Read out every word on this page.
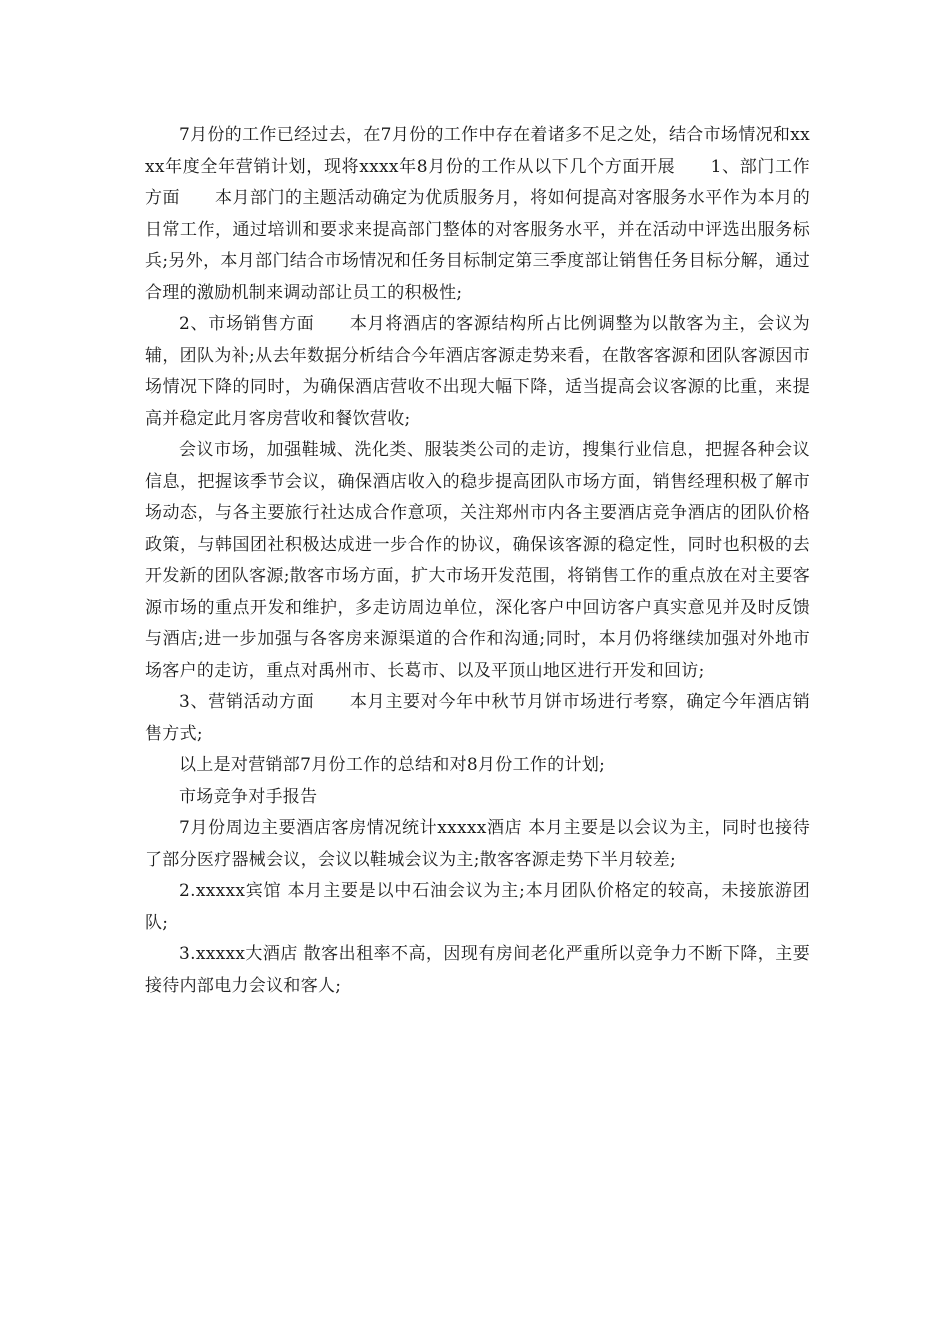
7月份的工作已经过去，在7月份的工作中存在着诸多不足之处，结合市场情况和xxxx年度全年营销计划，现将xxxx年8月份的工作从以下几个方面开展　　1、部门工作方面　　本月部门的主题活动确定为优质服务月，将如何提高对客服务水平作为本月的日常工作，通过培训和要求来提高部门整体的对客服务水平，并在活动中评选出服务标兵;另外，本月部门结合市场情况和任务目标制定第三季度部让销售任务目标分解，通过合理的激励机制来调动部让员工的积极性;

2、市场销售方面　　本月将酒店的客源结构所占比例调整为以散客为主，会议为辅，团队为补;从去年数据分析结合今年酒店客源走势来看，在散客客源和团队客源因市场情况下降的同时，为确保酒店营收不出现大幅下降，适当提高会议客源的比重，来提高并稳定此月客房营收和餐饮营收;

会议市场，加强鞋城、洗化类、服装类公司的走访，搜集行业信息，把握各种会议信息，把握该季节会议，确保酒店收入的稳步提高团队市场方面，销售经理积极了解市场动态，与各主要旅行社达成合作意项，关注郑州市内各主要酒店竞争酒店的团队价格政策，与韩国团社积极达成进一步合作的协议，确保该客源的稳定性，同时也积极的去开发新的团队客源;散客市场方面，扩大市场开发范围，将销售工作的重点放在对主要客源市场的重点开发和维护，多走访周边单位，深化客户中回访客户真实意见并及时反馈与酒店;进一步加强与各客房来源渠道的合作和沟通;同时，本月仍将继续加强对外地市场客户的走访，重点对禹州市、长葛市、以及平顶山地区进行开发和回访;

3、营销活动方面　　本月主要对今年中秋节月饼市场进行考察，确定今年酒店销售方式;

以上是对营销部7月份工作的总结和对8月份工作的计划;

市场竞争对手报告

7月份周边主要酒店客房情况统计xxxxx酒店 本月主要是以会议为主，同时也接待了部分医疗器械会议，会议以鞋城会议为主;散客客源走势下半月较差;

2.xxxxx宾馆 本月主要是以中石油会议为主;本月团队价格定的较高，未接旅游团队;

3.xxxxx大酒店 散客出租率不高，因现有房间老化严重所以竞争力不断下降，主要接待内部电力会议和客人;
